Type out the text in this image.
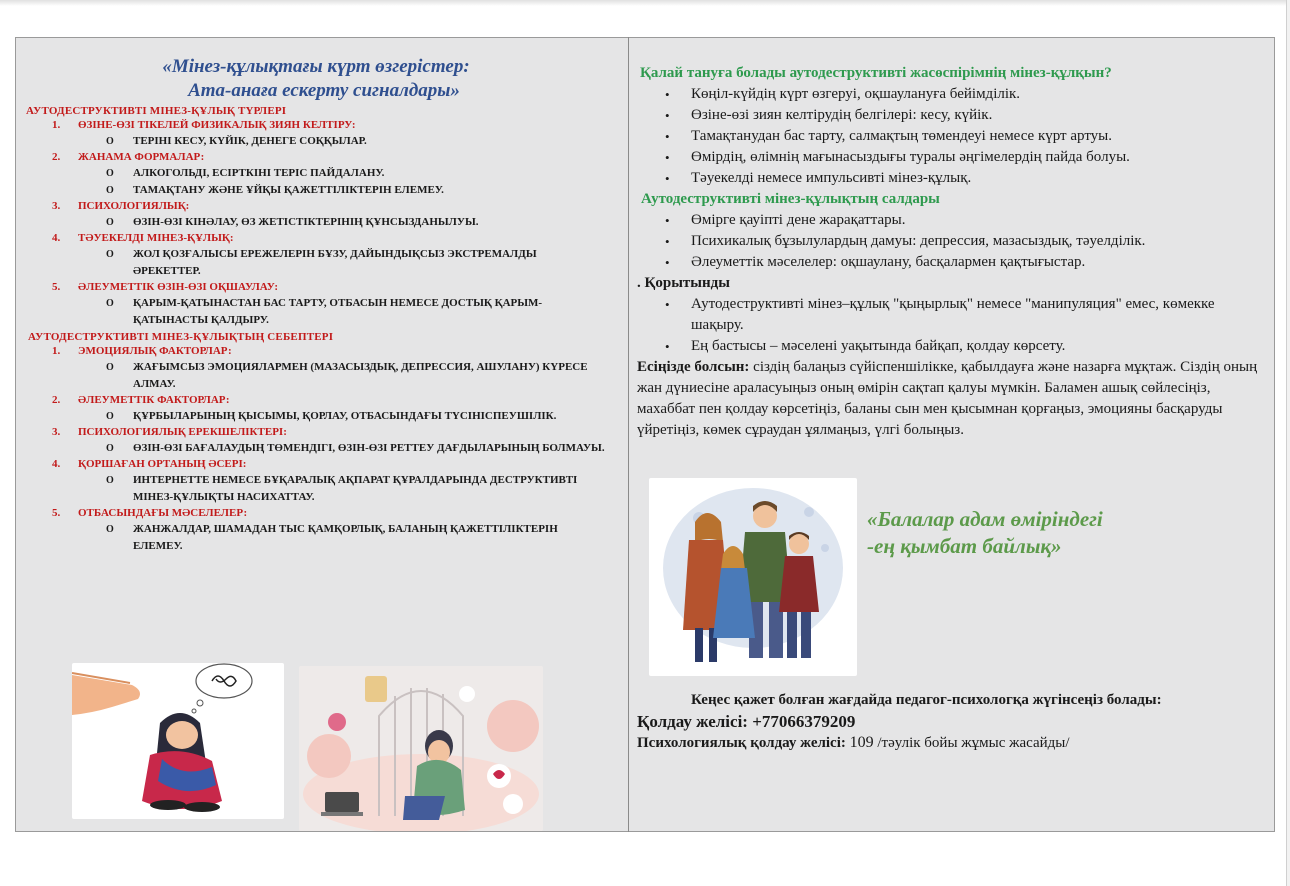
«Мінез-құлықтағы күрт өзгерістер:
Ата-анаға ескерту сигналдары»
АУТОДЕСТРУКТИВТІ МІНЕЗ-ҚҰЛЫҚ ТҮРЛЕРІ
1. ӨЗІНЕ-ӨЗІ ТІКЕЛЕЙ ФИЗИКАЛЫҚ ЗИЯН КЕЛТІРУ:
O	ТЕРІНІ КЕСУ, КҮЙІК, ДЕНЕГЕ СОҚҚЫЛАР.
2. ЖАНАМА ФОРМАЛАР:
O	АЛКОГОЛЬДІ, ЕСІРТКІНІ ТЕРІС ПАЙДАЛАНУ.
O	ТАМАҚТАНУ ЖӘНЕ ҰЙҚЫ ҚАЖЕТТІЛІКТЕРІН ЕЛЕМЕУ.
3. ПСИХОЛОГИЯЛЫҚ:
O	ӨЗІН-ӨЗІ КІНӘЛАУ, ӨЗ ЖЕТІСТІКТЕРІНІҢ ҚҰНСЫЗДАНЫЛУЫ.
4. ТӘУЕКЕЛДІ МІНЕЗ-ҚҰЛЫҚ:
O	ЖОЛ ҚОЗҒАЛЫСЫ ЕРЕЖЕЛЕРІН БҰЗУ, ДАЙЫНДЫҚСЫЗ ЭКСТРЕМАЛДЫ ӘРЕКЕТТЕР.
5. ӘЛЕУМЕТТІК ӨЗІН-ӨЗІ ОҚШАУЛАУ:
O	ҚАРЫМ-ҚАТЫНАСТАН БАС ТАРТУ, ОТБАСЫН НЕМЕСЕ ДОСТЫҚ ҚАРЫМ-ҚАТЫНАСТЫ ҚАЛДЫРУ.
АУТОДЕСТРУКТИВТІ МІНЕЗ-ҚҰЛЫҚТЫҢ СЕБЕПТЕРІ
1. ЭМОЦИЯЛЫҚ ФАКТОРЛАР:
O	ЖАҒЫМСЫЗ ЭМОЦИЯЛАРМЕН (МАЗАСЫЗДЫҚ, ДЕПРЕССИЯ, АШУЛАНУ) КҮРЕСЕ АЛМАУ.
2. ӘЛЕУМЕТТІК ФАКТОРЛАР:
O	ҚҰРБЫЛАРЫНЫҢ ҚЫСЫМЫ, ҚОРЛАУ, ОТБАСЫНДАҒЫ ТҮСІНІСПЕУШІЛІК.
3. ПСИХОЛОГИЯЛЫҚ ЕРЕКШЕЛІКТЕРІ:
O	ӨЗІН-ӨЗІ БАҒАЛАУДЫҢ ТӨМЕНДІГІ, ӨЗІН-ӨЗІ РЕТТЕУ ДАҒДЫЛАРЫНЫҢ БОЛМАУЫ.
4. ҚОРШАҒАН ОРТАНЫҢ ӘСЕРІ:
O	ИНТЕРНЕТТЕ НЕМЕСЕ БҰҚАРАЛЫҚ АҚПАРАТ ҚҰРАЛДАРЫНДА ДЕСТРУКТИВТІ МІНЕЗ-ҚҰЛЫҚТЫ НАСИХАТТАУ.
5. ОТБАСЫНДАҒЫ МӘСЕЛЕЛЕР:
O	ЖАНЖАЛДАР, ШАМАДАН ТЫС ҚАМҚОРЛЫҚ, БАЛАНЫҢ ҚАЖЕТТІЛІКТЕРІН ЕЛЕМЕУ.
Қалай тануға болады аутодеструктивті жасөспірімнің мінез-құлқын?
•	Көңіл-күйдің күрт өзгеруі, оқшаулануға бейімділік.
•	Өзіне-өзі зиян келтірудің белгілері: кесу, күйік.
•	Тамақтанудан бас тарту, салмақтың төмендеуі немесе күрт артуы.
•	Өмірдің, өлімнің мағынасыздығы туралы әңгімелердің пайда болуы.
•	Тәуекелді немесе импульсивті мінез-құлық.
Аутодеструктивті мінез-құлықтың салдары
•	Өмірге қауіпті дене жарақаттары.
•	Психикалық бұзылулардың дамуы: депрессия, мазасыздық, тәуелділік.
•	Әлеуметтік мәселелер: оқшаулану, басқалармен қақтығыстар.
. Қорытынды
•	Аутодеструктивті мінез–құлық "қыңырлық" немесе "манипуляция" емес, көмекке шақыру.
•	Ең бастысы – мәселені уақытында байқап, қолдау көрсету.
Есіңізде болсын: сіздің балаңыз сүйіспеншілікке, қабылдауға және назарға мұқтаж. Сіздің оның жан дүниесіне араласуыңыз оның өмірін сақтап қалуы мүмкін. Баламен ашық сөйлесіңіз, махаббат пен қолдау көрсетіңіз, баланы сын мен қысымнан қорғаңыз, эмоцияны басқаруды үйретіңіз, көмек сұраудан ұялмаңыз, үлгі болыңыз.
«Балалар адам өміріндегі
-ең қымбат байлық»
Кеңес қажет болған жағдайда педагог-психологқа жүгінсеңіз болады:
Қолдау желісі: +77066379209
Психологиялық қолдау желісі: 109 /тәулік бойы жұмыс жасайды/
